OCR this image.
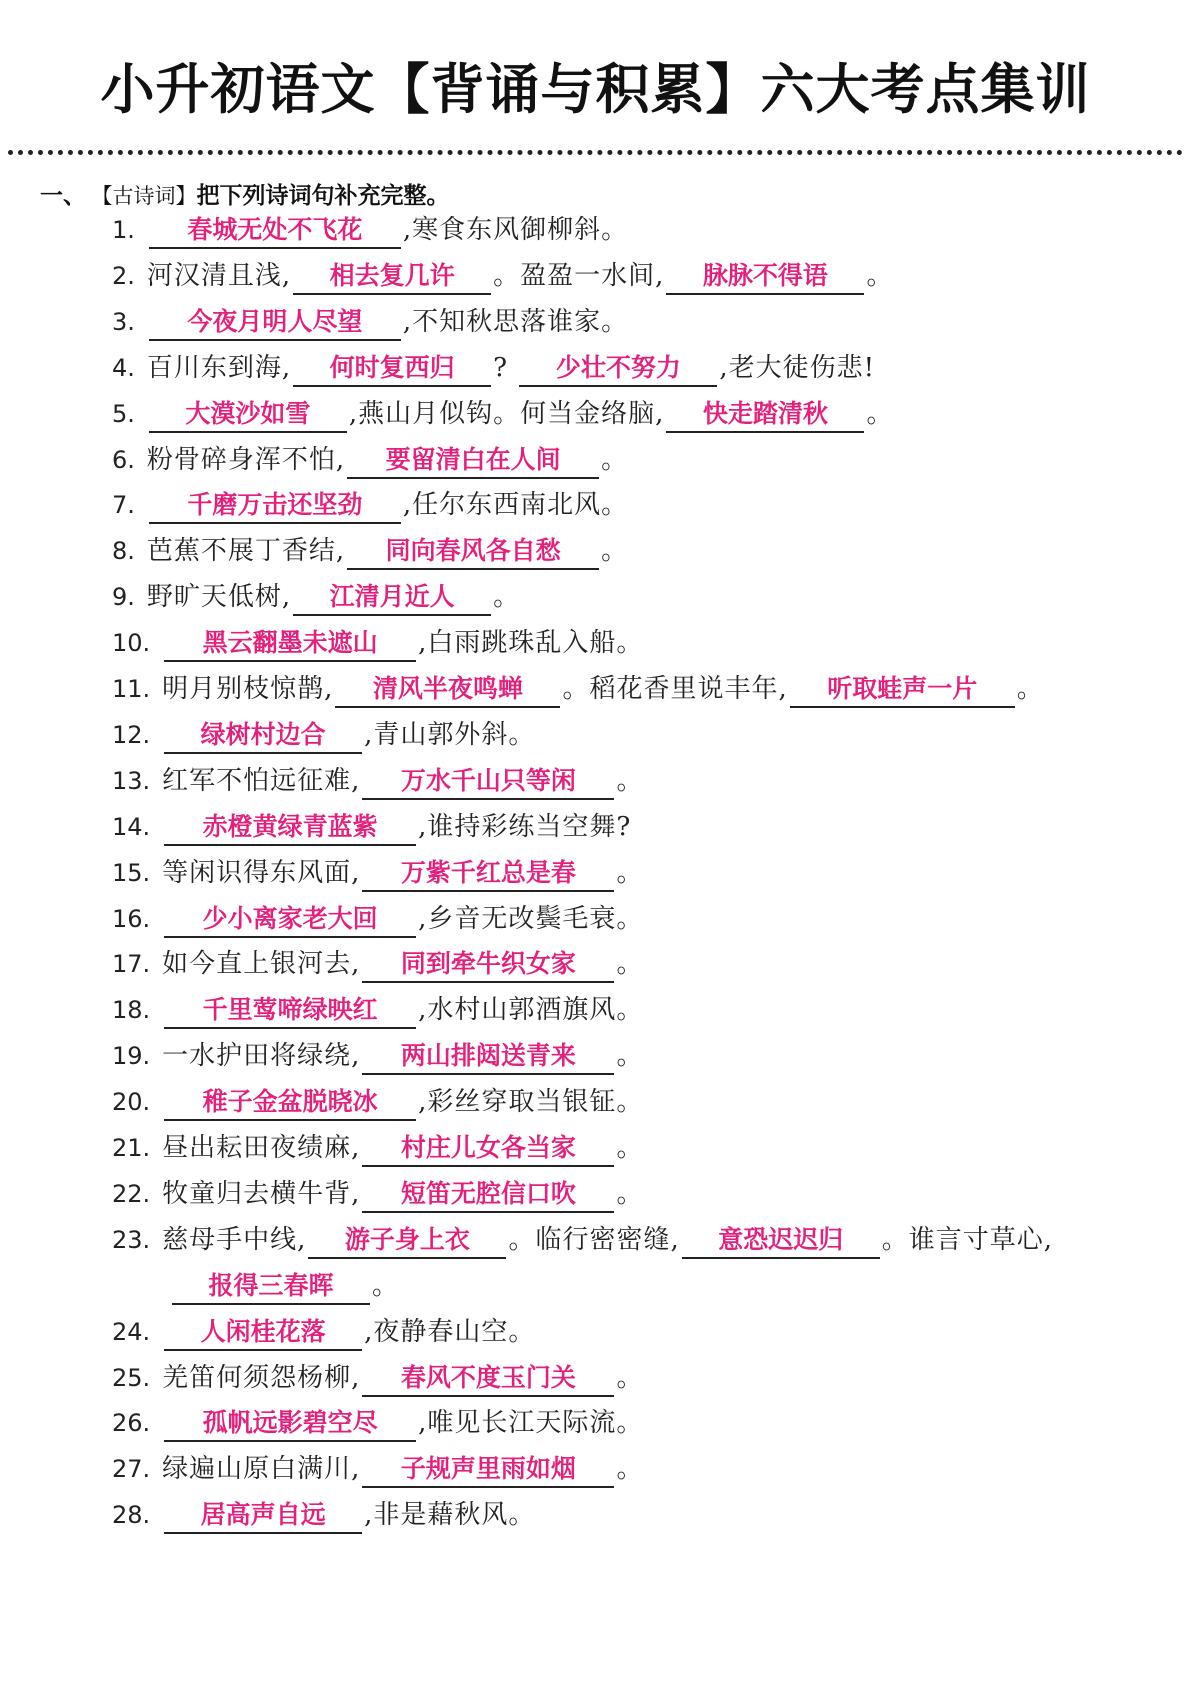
小升初语文【背诵与积累】六大考点集训
一、 【古诗词】把下列诗词句补充完整。
1. 春城无处不飞花 ,寒食东风御柳斜。
2. 河汉清且浅, 相去复几许 。盈盈一水间, 脉脉不得语 。
3. 今夜月明人尽望 ,不知秋思落谁家。
4. 百川东到海, 何时复西归 ? 少壮不努力 ,老大徒伤悲!
5. 大漠沙如雪 ,燕山月似钩。何当金络脑, 快走踏清秋 。
6. 粉骨碎身浑不怕, 要留清白在人间 。
7. 千磨万击还坚劲 ,任尔东西南北风。
8. 芭蕉不展丁香结, 同向春风各自愁 。
9. 野旷天低树, 江清月近人 。
10. 黑云翻墨未遮山 ,白雨跳珠乱入船。
11. 明月别枝惊鹊, 清风半夜鸣蝉 。稻花香里说丰年, 听取蛙声一片 。
12. 绿树村边合 ,青山郭外斜。
13. 红军不怕远征难, 万水千山只等闲 。
14. 赤橙黄绿青蓝紫 ,谁持彩练当空舞?
15. 等闲识得东风面, 万紫千红总是春 。
16. 少小离家老大回 ,乡音无改鬓毛衰。
17. 如今直上银河去, 同到牵牛织女家 。
18. 千里莺啼绿映红 ,水村山郭酒旗风。
19. 一水护田将绿绕, 两山排闼送青来 。
20. 稚子金盆脱晓冰 ,彩丝穿取当银钲。
21. 昼出耘田夜绩麻, 村庄儿女各当家 。
22. 牧童归去横牛背, 短笛无腔信口吹 。
23. 慈母手中线, 游子身上衣 。临行密密缝, 意恐迟迟归 。谁言寸草心,
报得三春晖 。
24. 人闲桂花落 ,夜静春山空。
25. 羌笛何须怨杨柳, 春风不度玉门关 。
26. 孤帆远影碧空尽 ,唯见长江天际流。
27. 绿遍山原白满川, 子规声里雨如烟 。
28. 居高声自远 ,非是藉秋风。
